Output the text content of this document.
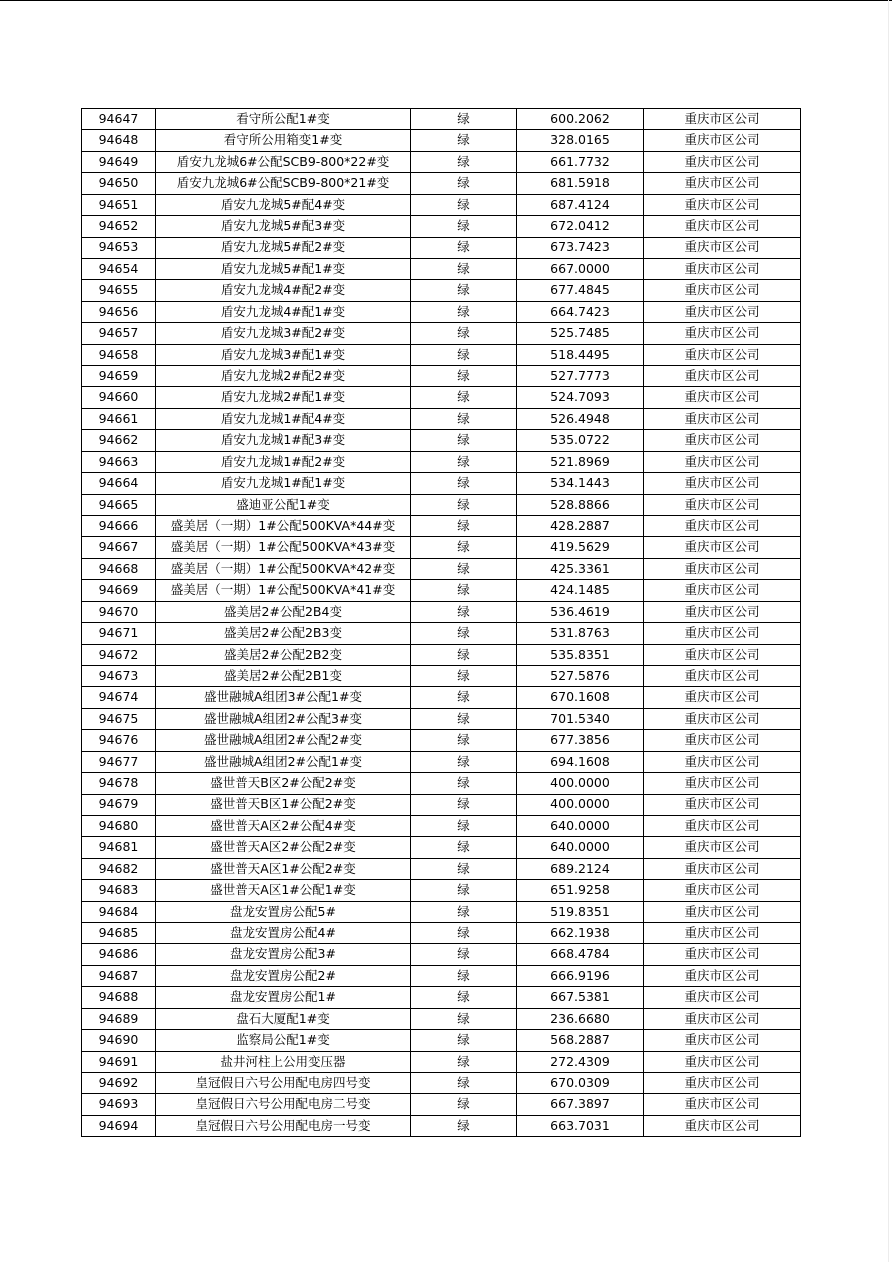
94647	看守所公配1#变	绿	600.2062	重庆市区公司
94648	看守所公用箱变1#变	绿	328.0165	重庆市区公司
94649	盾安九龙城6#公配SCB9-800*22#变	绿	661.7732	重庆市区公司
94650	盾安九龙城6#公配SCB9-800*21#变	绿	681.5918	重庆市区公司
94651	盾安九龙城5#配4#变	绿	687.4124	重庆市区公司
94652	盾安九龙城5#配3#变	绿	672.0412	重庆市区公司
94653	盾安九龙城5#配2#变	绿	673.7423	重庆市区公司
94654	盾安九龙城5#配1#变	绿	667.0000	重庆市区公司
94655	盾安九龙城4#配2#变	绿	677.4845	重庆市区公司
94656	盾安九龙城4#配1#变	绿	664.7423	重庆市区公司
94657	盾安九龙城3#配2#变	绿	525.7485	重庆市区公司
94658	盾安九龙城3#配1#变	绿	518.4495	重庆市区公司
94659	盾安九龙城2#配2#变	绿	527.7773	重庆市区公司
94660	盾安九龙城2#配1#变	绿	524.7093	重庆市区公司
94661	盾安九龙城1#配4#变	绿	526.4948	重庆市区公司
94662	盾安九龙城1#配3#变	绿	535.0722	重庆市区公司
94663	盾安九龙城1#配2#变	绿	521.8969	重庆市区公司
94664	盾安九龙城1#配1#变	绿	534.1443	重庆市区公司
94665	盛迪亚公配1#变	绿	528.8866	重庆市区公司
94666	盛美居（一期）1#公配500KVA*44#变	绿	428.2887	重庆市区公司
94667	盛美居（一期）1#公配500KVA*43#变	绿	419.5629	重庆市区公司
94668	盛美居（一期）1#公配500KVA*42#变	绿	425.3361	重庆市区公司
94669	盛美居（一期）1#公配500KVA*41#变	绿	424.1485	重庆市区公司
94670	盛美居2#公配2B4变	绿	536.4619	重庆市区公司
94671	盛美居2#公配2B3变	绿	531.8763	重庆市区公司
94672	盛美居2#公配2B2变	绿	535.8351	重庆市区公司
94673	盛美居2#公配2B1变	绿	527.5876	重庆市区公司
94674	盛世融城A组团3#公配1#变	绿	670.1608	重庆市区公司
94675	盛世融城A组团2#公配3#变	绿	701.5340	重庆市区公司
94676	盛世融城A组团2#公配2#变	绿	677.3856	重庆市区公司
94677	盛世融城A组团2#公配1#变	绿	694.1608	重庆市区公司
94678	盛世普天B区2#公配2#变	绿	400.0000	重庆市区公司
94679	盛世普天B区1#公配2#变	绿	400.0000	重庆市区公司
94680	盛世普天A区2#公配4#变	绿	640.0000	重庆市区公司
94681	盛世普天A区2#公配2#变	绿	640.0000	重庆市区公司
94682	盛世普天A区1#公配2#变	绿	689.2124	重庆市区公司
94683	盛世普天A区1#公配1#变	绿	651.9258	重庆市区公司
94684	盘龙安置房公配5#	绿	519.8351	重庆市区公司
94685	盘龙安置房公配4#	绿	662.1938	重庆市区公司
94686	盘龙安置房公配3#	绿	668.4784	重庆市区公司
94687	盘龙安置房公配2#	绿	666.9196	重庆市区公司
94688	盘龙安置房公配1#	绿	667.5381	重庆市区公司
94689	盘石大厦配1#变	绿	236.6680	重庆市区公司
94690	监察局公配1#变	绿	568.2887	重庆市区公司
94691	盐井河柱上公用变压器	绿	272.4309	重庆市区公司
94692	皇冠假日六号公用配电房四号变	绿	670.0309	重庆市区公司
94693	皇冠假日六号公用配电房二号变	绿	667.3897	重庆市区公司
94694	皇冠假日六号公用配电房一号变	绿	663.7031	重庆市区公司
